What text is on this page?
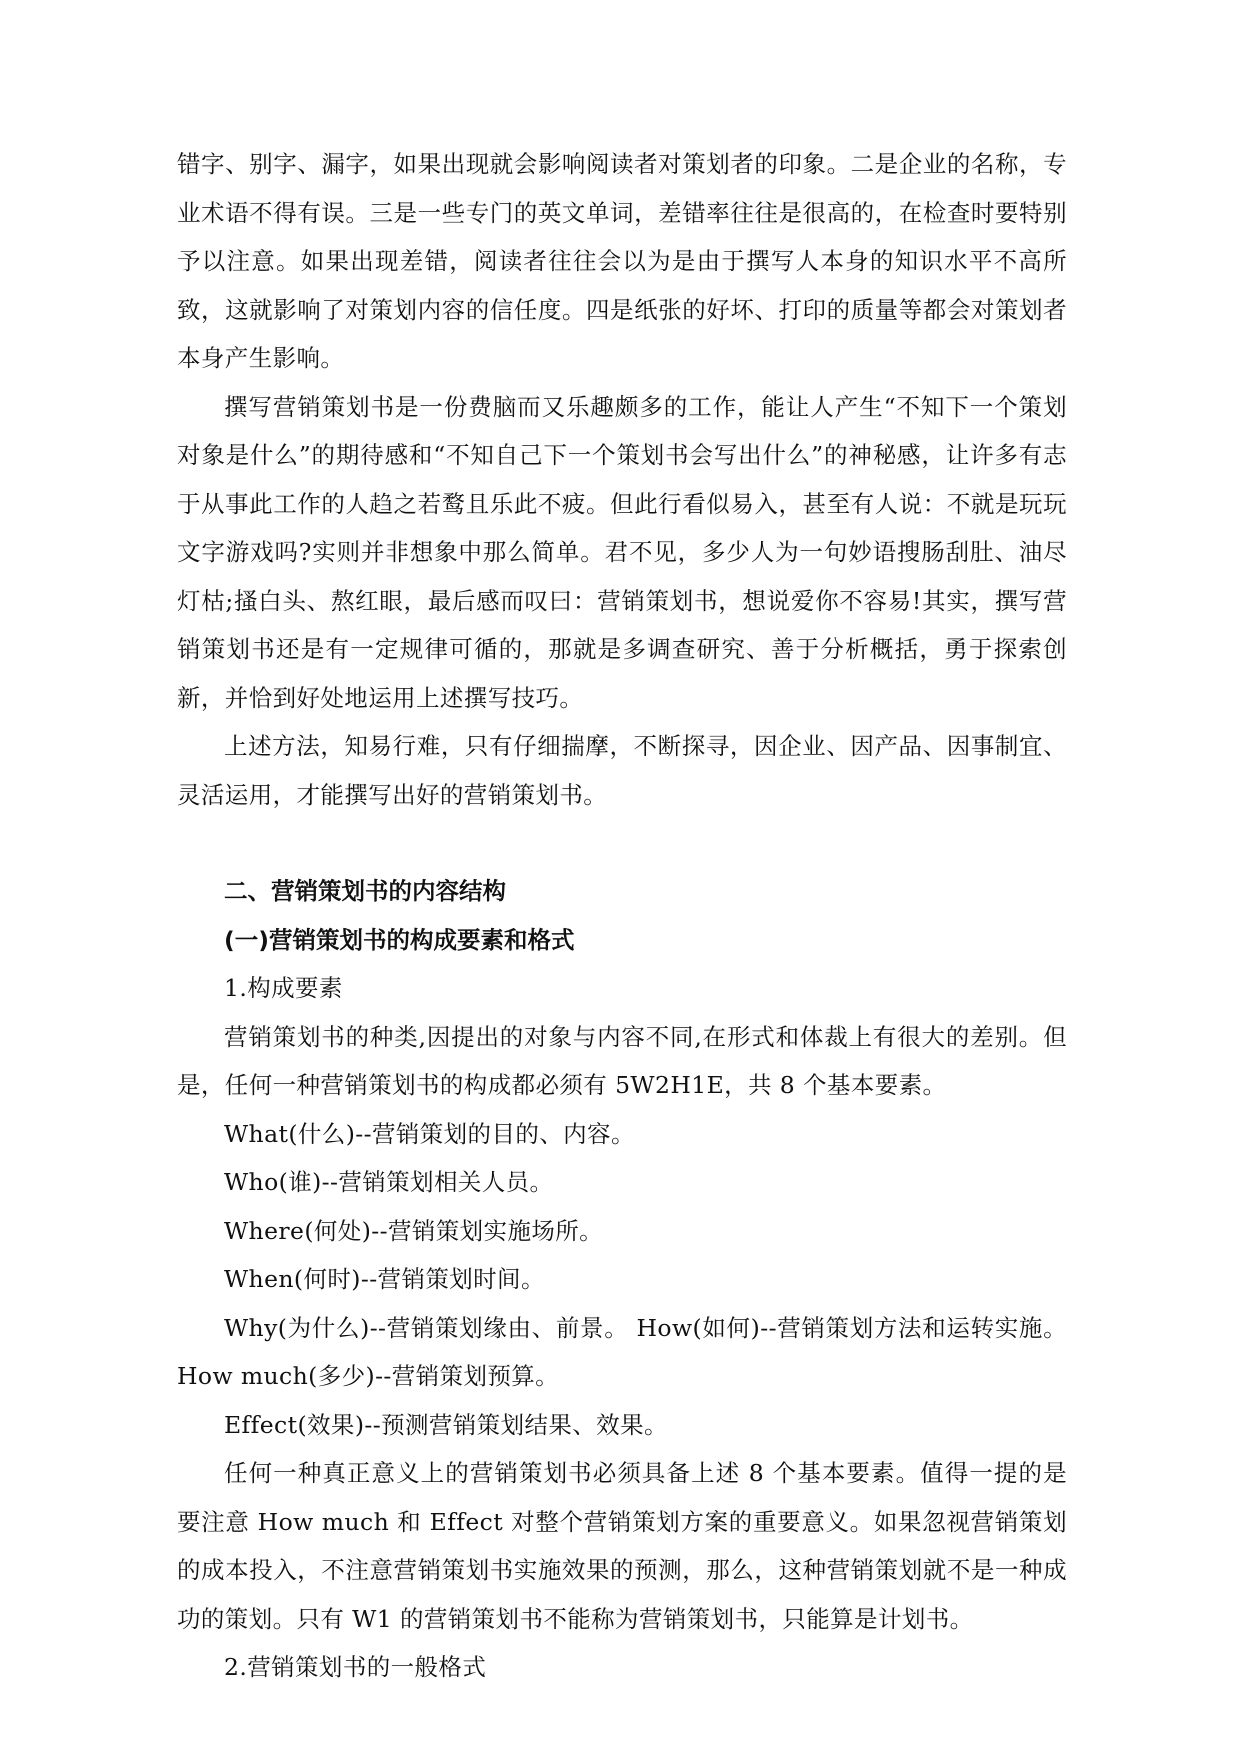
错字、别字、漏字，如果出现就会影响阅读者对策划者的印象。二是企业的名称，专业术语不得有误。三是一些专门的英文单词，差错率往往是很高的，在检查时要特别予以注意。如果出现差错，阅读者往往会以为是由于撰写人本身的知识水平不高所致，这就影响了对策划内容的信任度。四是纸张的好坏、打印的质量等都会对策划者本身产生影响。

撰写营销策划书是一份费脑而又乐趣颇多的工作，能让人产生“不知下一个策划对象是什么”的期待感和“不知自己下一个策划书会写出什么”的神秘感，让许多有志于从事此工作的人趋之若鹜且乐此不疲。但此行看似易入，甚至有人说：不就是玩玩文字游戏吗?实则并非想象中那么简单。君不见，多少人为一句妙语搜肠刮肚、油尽灯枯;搔白头、熬红眼，最后感而叹曰：营销策划书，想说爱你不容易!其实，撰写营销策划书还是有一定规律可循的，那就是多调查研究、善于分析概括，勇于探索创新，并恰到好处地运用上述撰写技巧。

上述方法，知易行难，只有仔细揣摩，不断探寻，因企业、因产品、因事制宜、灵活运用，才能撰写出好的营销策划书。

二、营销策划书的内容结构

(一)营销策划书的构成要素和格式

1.构成要素

营销策划书的种类,因提出的对象与内容不同,在形式和体裁上有很大的差别。但是，任何一种营销策划书的构成都必须有 5W2H1E，共 8 个基本要素。

What(什么)--营销策划的目的、内容。

Who(谁)--营销策划相关人员。

Where(何处)--营销策划实施场所。

When(何时)--营销策划时间。

Why(为什么)--营销策划缘由、前景。 How(如何)--营销策划方法和运转实施。How much(多少)--营销策划预算。

Effect(效果)--预测营销策划结果、效果。

任何一种真正意义上的营销策划书必须具备上述 8 个基本要素。值得一提的是要注意 How much 和 Effect 对整个营销策划方案的重要意义。如果忽视营销策划的成本投入，不注意营销策划书实施效果的预测，那么，这种营销策划就不是一种成功的策划。只有 W1 的营销策划书不能称为营销策划书，只能算是计划书。

2.营销策划书的一般格式
